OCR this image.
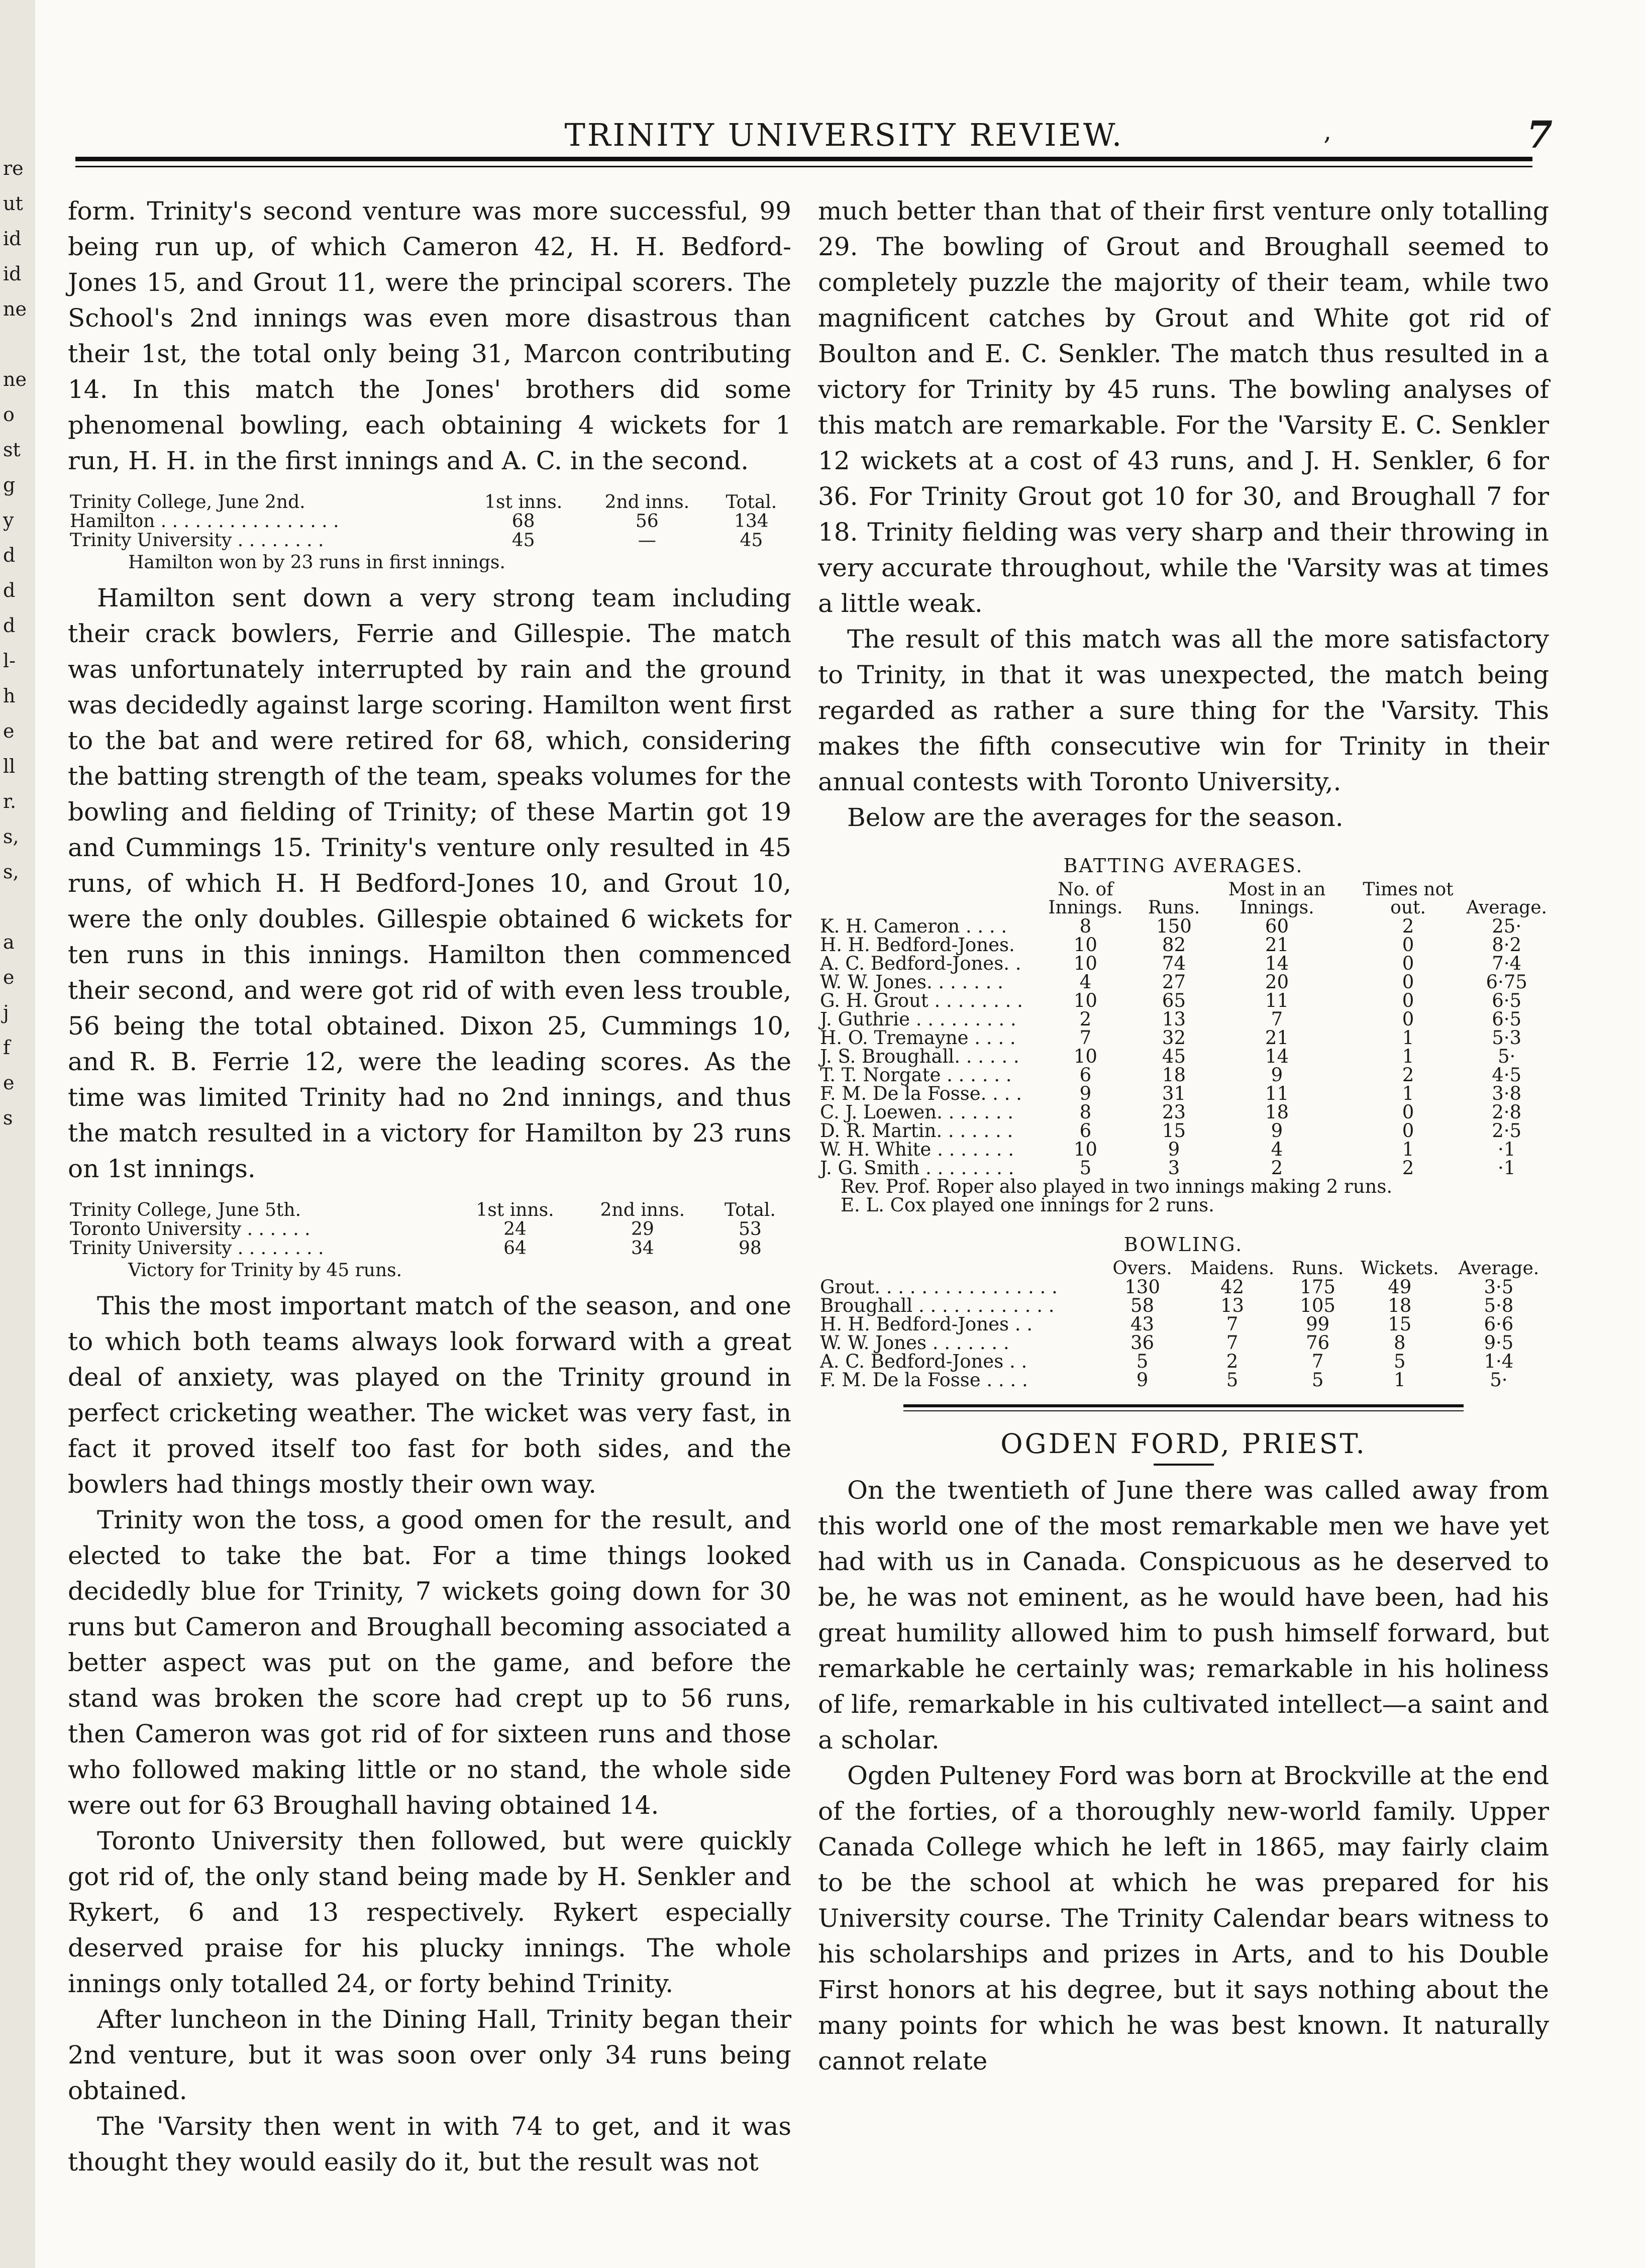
re
ut
id
id
ne
ne
o
st
g
y
d
d
d
l-
h
e
ll
r.
s,
s,
a
e
j
f
e
s
TRINITY UNIVERSITY REVIEW.	,	7

form. Trinity's second venture was more successful, 99 being run up, of which Cameron 42, H. H. Bedford-Jones 15, and Grout 11, were the principal scorers. The School's 2nd innings was even more disastrous than their 1st, the total only being 31, Marcon contributing 14. In this match the Jones' brothers did some phenomenal bowling, each obtaining 4 wickets for 1 run, H. H. in the first innings and A. C. in the second.

Trinity College, June 2nd.	1st inns.	2nd inns.	Total.
Hamilton . . . . . . . . . . . . . . . .	68	56	134
Trinity University . . . . . . . .	45	—	45
Hamilton won by 23 runs in first innings.

Hamilton sent down a very strong team including their crack bowlers, Ferrie and Gillespie. The match was unfortunately interrupted by rain and the ground was decidedly against large scoring. Hamilton went first to the bat and were retired for 68, which, considering the batting strength of the team, speaks volumes for the bowling and fielding of Trinity; of these Martin got 19 and Cummings 15. Trinity's venture only resulted in 45 runs, of which H. H Bedford-Jones 10, and Grout 10, were the only doubles. Gillespie obtained 6 wickets for ten runs in this innings. Hamilton then commenced their second, and were got rid of with even less trouble, 56 being the total obtained. Dixon 25, Cummings 10, and R. B. Ferrie 12, were the leading scores. As the time was limited Trinity had no 2nd innings, and thus the match resulted in a victory for Hamilton by 23 runs on 1st innings.

Trinity College, June 5th.	1st inns.	2nd inns.	Total.
Toronto University . . . . . .	24	29	53
Trinity University . . . . . . . .	64	34	98
Victory for Trinity by 45 runs.

This the most important match of the season, and one to which both teams always look forward with a great deal of anxiety, was played on the Trinity ground in perfect cricketing weather. The wicket was very fast, in fact it proved itself too fast for both sides, and the bowlers had things mostly their own way.

Trinity won the toss, a good omen for the result, and elected to take the bat. For a time things looked decidedly blue for Trinity, 7 wickets going down for 30 runs but Cameron and Broughall becoming associated a better aspect was put on the game, and before the stand was broken the score had crept up to 56 runs, then Cameron was got rid of for sixteen runs and those who followed making little or no stand, the whole side were out for 63 Broughall having obtained 14.

Toronto University then followed, but were quickly got rid of, the only stand being made by H. Senkler and Rykert, 6 and 13 respectively. Rykert especially deserved praise for his plucky innings. The whole innings only totalled 24, or forty behind Trinity.

After luncheon in the Dining Hall, Trinity began their 2nd venture, but it was soon over only 34 runs being obtained.

The 'Varsity then went in with 74 to get, and it was thought they would easily do it, but the result was not

much better than that of their first venture only totalling 29. The bowling of Grout and Broughall seemed to completely puzzle the majority of their team, while two magnificent catches by Grout and White got rid of Boulton and E. C. Senkler. The match thus resulted in a victory for Trinity by 45 runs. The bowling analyses of this match are remarkable. For the 'Varsity E. C. Senkler 12 wickets at a cost of 43 runs, and J. H. Senkler, 6 for 36. For Trinity Grout got 10 for 30, and Broughall 7 for 18. Trinity fielding was very sharp and their throwing in very accurate throughout, while the 'Varsity was at times a little weak.

The result of this match was all the more satisfactory to Trinity, in that it was unexpected, the match being regarded as rather a sure thing for the 'Varsity. This makes the fifth consecutive win for Trinity in their annual contests with Toronto University,.

Below are the averages for the season.

BATTING AVERAGES.
	No. of Innings.	Runs.	Most in an Innings.	Times not out.	Average.
K. H. Cameron . . . .	8	150	60	2	25·
H. H. Bedford-Jones.	10	82	21	0	8·2
A. C. Bedford-Jones. .	10	74	14	0	7·4
W. W. Jones. . . . . . .	4	27	20	0	6·75
G. H. Grout . . . . . . . .	10	65	11	0	6·5
J. Guthrie . . . . . . . . .	2	13	7	0	6·5
H. O. Tremayne . . . .	7	32	21	1	5·3
J. S. Broughall. . . . . .	10	45	14	1	5·
T. T. Norgate . . . . . .	6	18	9	2	4·5
F. M. De la Fosse. . . .	9	31	11	1	3·8
C. J. Loewen. . . . . . .	8	23	18	0	2·8
D. R. Martin. . . . . . .	6	15	9	0	2·5
W. H. White . . . . . . .	10	9	4	1	·1
J. G. Smith . . . . . . . .	5	3	2	2	·1
Rev. Prof. Roper also played in two innings making 2 runs.
E. L. Cox played one innings for 2 runs.
BOWLING.
	Overs.	Maidens.	Runs.	Wickets.	Average.
Grout. . . . . . . . . . . . . . . .	130	42	175	49	3·5
Broughall . . . . . . . . . . . .	58	13	105	18	5·8
H. H. Bedford-Jones . .	43	7	99	15	6·6
W. W. Jones . . . . . . .	36	7	76	8	9·5
A. C. Bedford-Jones . .	5	2	7	5	1·4
F. M. De la Fosse . . . .	9	5	5	1	5·
OGDEN FORD, PRIEST.

On the twentieth of June there was called away from this world one of the most remarkable men we have yet had with us in Canada. Conspicuous as he deserved to be, he was not eminent, as he would have been, had his great humility allowed him to push himself forward, but remarkable he certainly was; remarkable in his holiness of life, remarkable in his cultivated intellect—a saint and a scholar.

Ogden Pulteney Ford was born at Brockville at the end of the forties, of a thoroughly new-world family. Upper Canada College which he left in 1865, may fairly claim to be the school at which he was prepared for his University course. The Trinity Calendar bears witness to his scholarships and prizes in Arts, and to his Double First honors at his degree, but it says nothing about the many points for which he was best known. It naturally cannot relate
